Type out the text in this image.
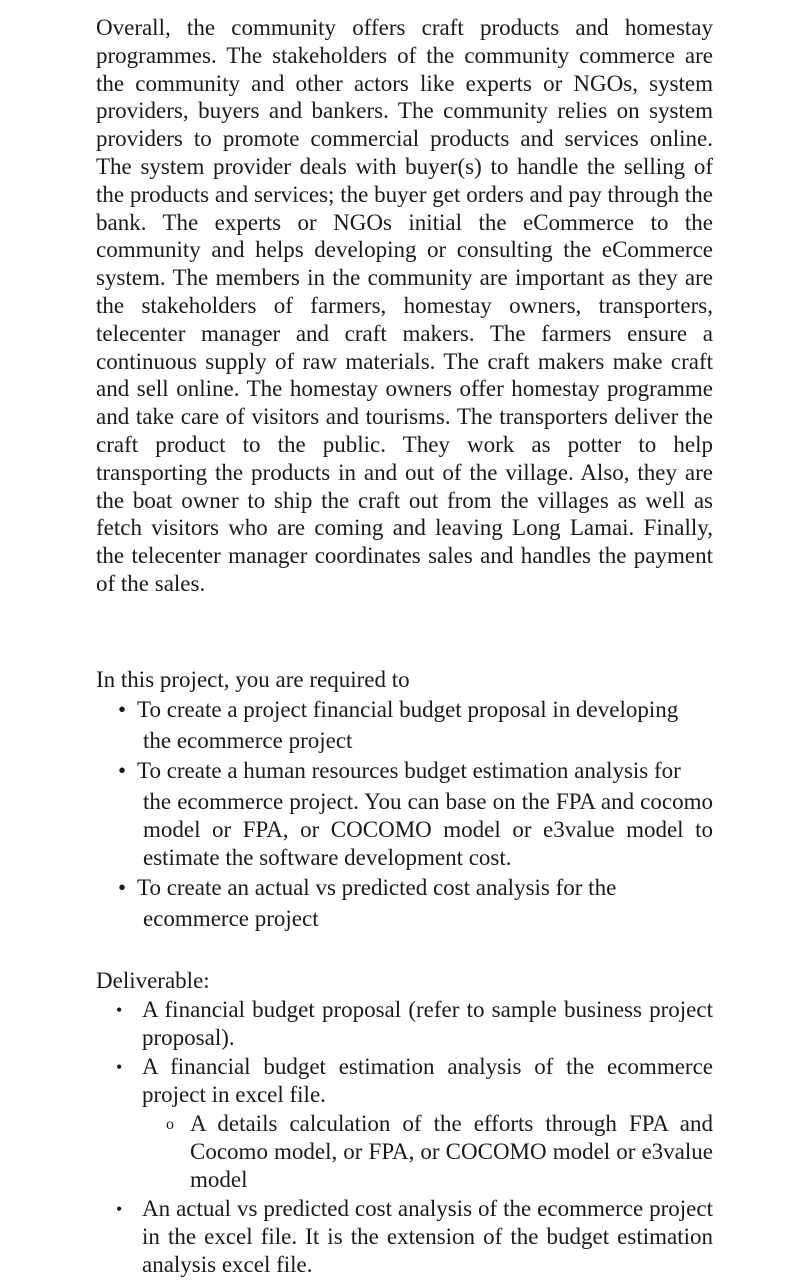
Overall, the community offers craft products and homestay programmes. The stakeholders of the community commerce are the community and other actors like experts or NGOs, system providers, buyers and bankers. The community relies on system providers to promote commercial products and services online. The system provider deals with buyer(s) to handle the selling of the products and services; the buyer get orders and pay through the bank. The experts or NGOs initial the eCommerce to the community and helps developing or consulting the eCommerce system. The members in the community are important as they are the stakeholders of farmers, homestay owners, transporters, telecenter manager and craft makers. The farmers ensure a continuous supply of raw materials. The craft makers make craft and sell online. The homestay owners offer homestay programme and take care of visitors and tourisms. The transporters deliver the craft product to the public. They work as potter to help transporting the products in and out of the village. Also, they are the boat owner to ship the craft out from the villages as well as fetch visitors who are coming and leaving Long Lamai. Finally, the telecenter manager coordinates sales and handles the payment of the sales.

In this project, you are required to

• To create a project financial budget proposal in developing
the ecommerce project
• To create a human resources budget estimation analysis for
the ecommerce project. You can base on the FPA and cocomo model or FPA, or COCOMO model or e3value model to estimate the software development cost.
• To create an actual vs predicted cost analysis for the
ecommerce project

Deliverable:

• A financial budget proposal (refer to sample business project proposal).
• A financial budget estimation analysis of the ecommerce project in excel file.
o A details calculation of the efforts through FPA and Cocomo model, or FPA, or COCOMO model or e3value model
• An actual vs predicted cost analysis of the ecommerce project in the excel file. It is the extension of the budget estimation analysis excel file.
